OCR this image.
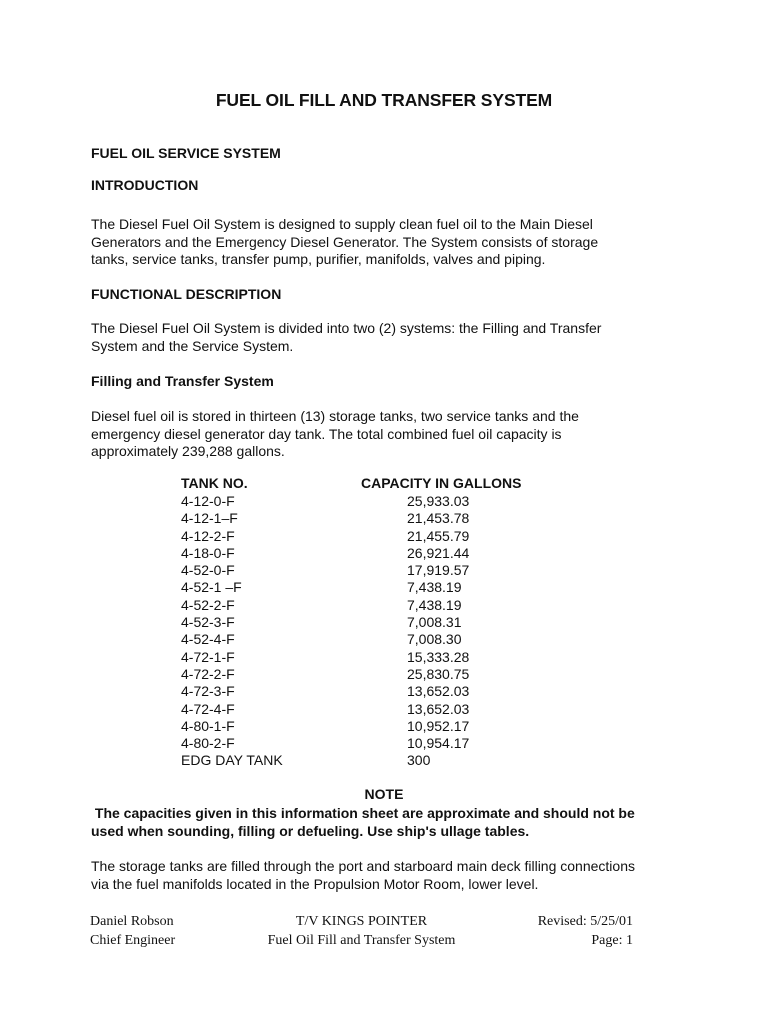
FUEL OIL FILL AND TRANSFER SYSTEM
FUEL OIL SERVICE SYSTEM
INTRODUCTION

The Diesel Fuel Oil System is designed to supply clean fuel oil to the Main Diesel
Generators and the Emergency Diesel Generator. The System consists of storage
tanks, service tanks, transfer pump, purifier, manifolds, valves and piping.

FUNCTIONAL DESCRIPTION

The Diesel Fuel Oil System is divided into two (2) systems: the Filling and Transfer
System and the Service System.

Filling and Transfer System

Diesel fuel oil is stored in thirteen (13) storage tanks, two service tanks and the
emergency diesel generator day tank. The total combined fuel oil capacity is
approximately 239,288 gallons.

TANK NO.	CAPACITY IN GALLONS
4-12-0-F	25,933.03
4-12-1–F	21,453.78
4-12-2-F	21,455.79
4-18-0-F	26,921.44
4-52-0-F	17,919.57
4-52-1 –F	7,438.19
4-52-2-F	7,438.19
4-52-3-F	7,008.31
4-52-4-F	7,008.30
4-72-1-F	15,333.28
4-72-2-F	25,830.75
4-72-3-F	13,652.03
4-72-4-F	13,652.03
4-80-1-F	10,952.17
4-80-2-F	10,954.17
EDG DAY TANK	300
NOTE
The capacities given in this information sheet are approximate and should not be
used when sounding, filling or defueling. Use ship's ullage tables.

The storage tanks are filled through the port and starboard main deck filling connections
via the fuel manifolds located in the Propulsion Motor Room, lower level.

Daniel Robson	T/V KINGS POINTER	Revised: 5/25/01
Chief Engineer	Fuel Oil Fill and Transfer System	Page: 1
